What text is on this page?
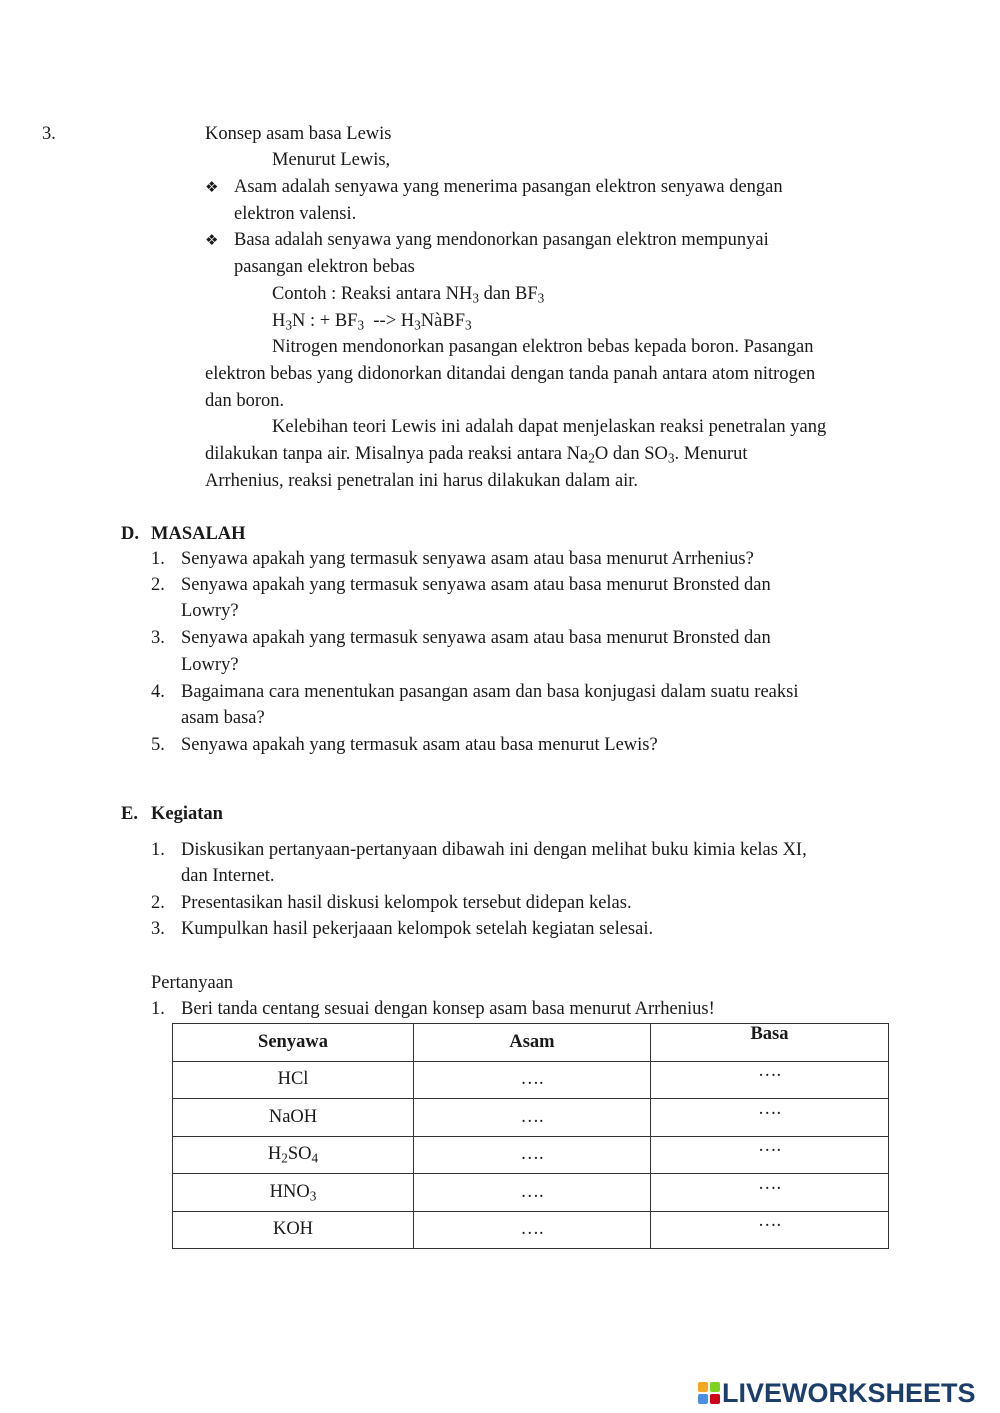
3.	Konsep asam basa Lewis
Menurut Lewis,
❖ Asam adalah senyawa yang menerima pasangan elektron senyawa dengan
elektron valensi.
❖ Basa adalah senyawa yang mendonorkan pasangan elektron mempunyai
pasangan elektron bebas
Contoh : Reaksi antara $NH_3$ dan $BF_3$
$H_3N$ : + $BF_3$  --> $H_3NàBF_3$
Nitrogen mendonorkan pasangan elektron bebas kepada boron. Pasangan
elektron bebas yang didonorkan ditandai dengan tanda panah antara atom nitrogen
dan boron.
Kelebihan teori Lewis ini adalah dapat menjelaskan reaksi penetralan yang
dilakukan tanpa air. Misalnya pada reaksi antara $Na_2O$ dan $SO_3$. Menurut
Arrhenius, reaksi penetralan ini harus dilakukan dalam air.
D. MASALAH
1. Senyawa apakah yang termasuk senyawa asam atau basa menurut Arrhenius?
2. Senyawa apakah yang termasuk senyawa asam atau basa menurut Bronsted dan
Lowry?
3. Senyawa apakah yang termasuk senyawa asam atau basa menurut Bronsted dan
Lowry?
4. Bagaimana cara menentukan pasangan asam dan basa konjugasi dalam suatu reaksi
asam basa?
5. Senyawa apakah yang termasuk asam atau basa menurut Lewis?
E. Kegiatan
1. Diskusikan pertanyaan-pertanyaan dibawah ini dengan melihat buku kimia kelas XI,
dan Internet.
2. Presentasikan hasil diskusi kelompok tersebut didepan kelas.
3. Kumpulkan hasil pekerjaaan kelompok setelah kegiatan selesai.
Pertanyaan
1. Beri tanda centang sesuai dengan konsep asam basa menurut Arrhenius!
Senyawa	Asam	Basa
HCl	….	….
NaOH	….	….
$H_2SO_4$	….	….
$HNO_3$	….	….
KOH	….	….
LIVEWORKSHEETS
